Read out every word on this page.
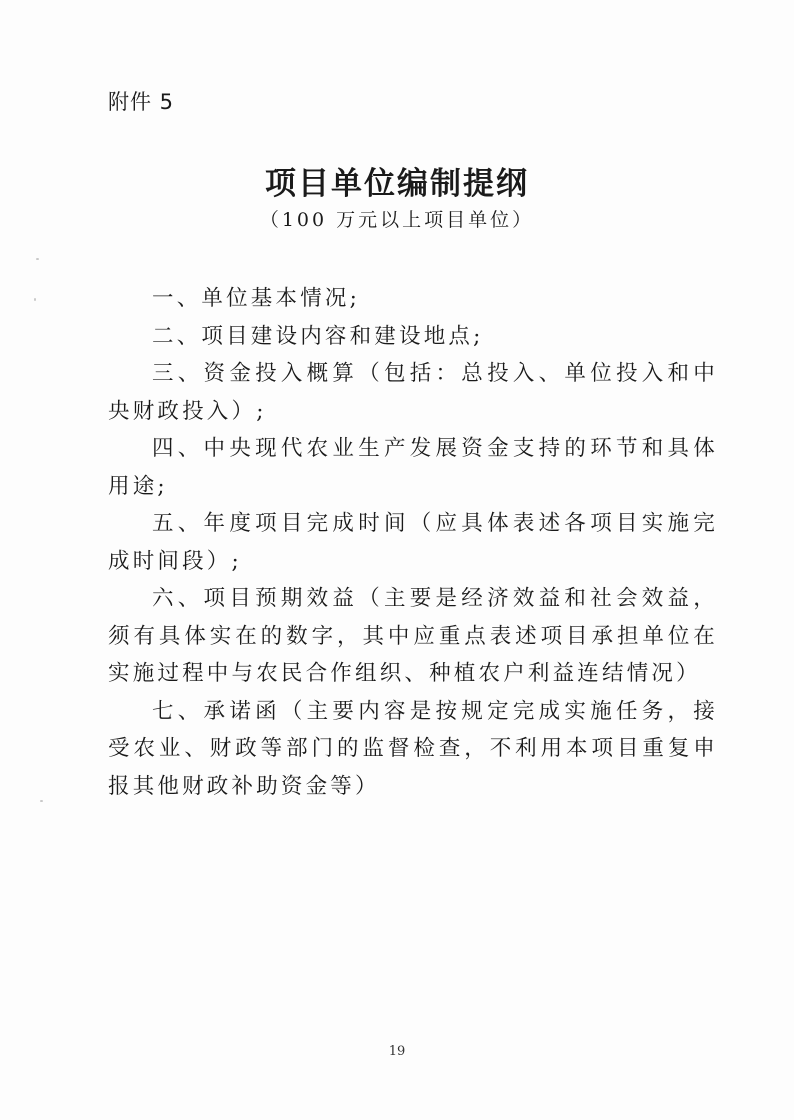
附件 5
项目单位编制提纲
（100 万元以上项目单位）

一、单位基本情况;

二、项目建设内容和建设地点;

三、资金投入概算（包括：总投入、单位投入和中央财政投入）;

四、中央现代农业生产发展资金支持的环节和具体用途;

五、年度项目完成时间（应具体表述各项目实施完成时间段）;

六、项目预期效益（主要是经济效益和社会效益，须有具体实在的数字，其中应重点表述项目承担单位在实施过程中与农民合作组织、种植农户利益连结情况）

七、承诺函（主要内容是按规定完成实施任务，接受农业、财政等部门的监督检查，不利用本项目重复申报其他财政补助资金等）

19
